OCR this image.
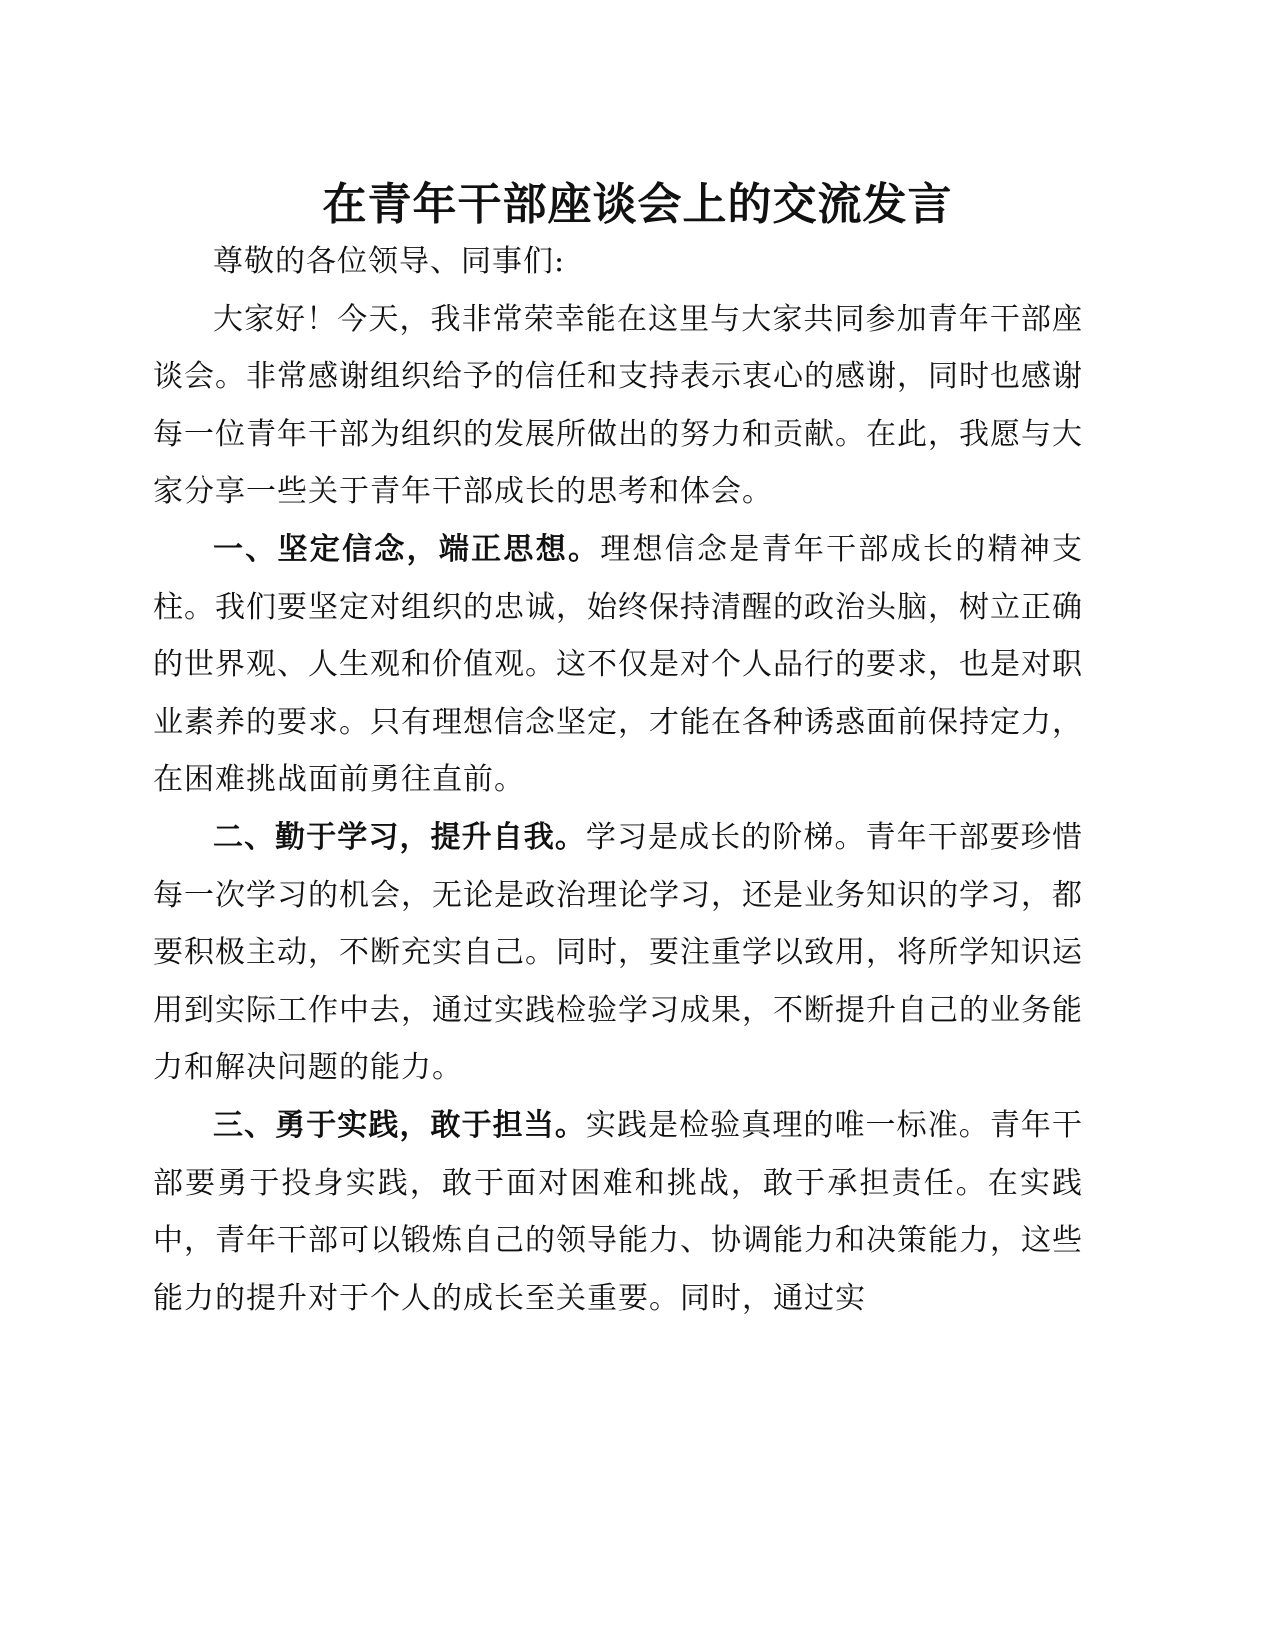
在青年干部座谈会上的交流发言

尊敬的各位领导、同事们:

大家好！今天，我非常荣幸能在这里与大家共同参加青年干部座谈会。非常感谢组织给予的信任和支持表示衷心的感谢，同时也感谢每一位青年干部为组织的发展所做出的努力和贡献。在此，我愿与大家分享一些关于青年干部成长的思考和体会。

一、坚定信念，端正思想。理想信念是青年干部成长的精神支柱。我们要坚定对组织的忠诚，始终保持清醒的政治头脑，树立正确的世界观、人生观和价值观。这不仅是对个人品行的要求，也是对职业素养的要求。只有理想信念坚定，才能在各种诱惑面前保持定力，在困难挑战面前勇往直前。

二、勤于学习，提升自我。学习是成长的阶梯。青年干部要珍惜每一次学习的机会，无论是政治理论学习，还是业务知识的学习，都要积极主动，不断充实自己。同时，要注重学以致用，将所学知识运用到实际工作中去，通过实践检验学习成果，不断提升自己的业务能力和解决问题的能力。

三、勇于实践，敢于担当。实践是检验真理的唯一标准。青年干部要勇于投身实践，敢于面对困难和挑战，敢于承担责任。在实践中，青年干部可以锻炼自己的领导能力、协调能力和决策能力，这些能力的提升对于个人的成长至关重要。同时，通过实
